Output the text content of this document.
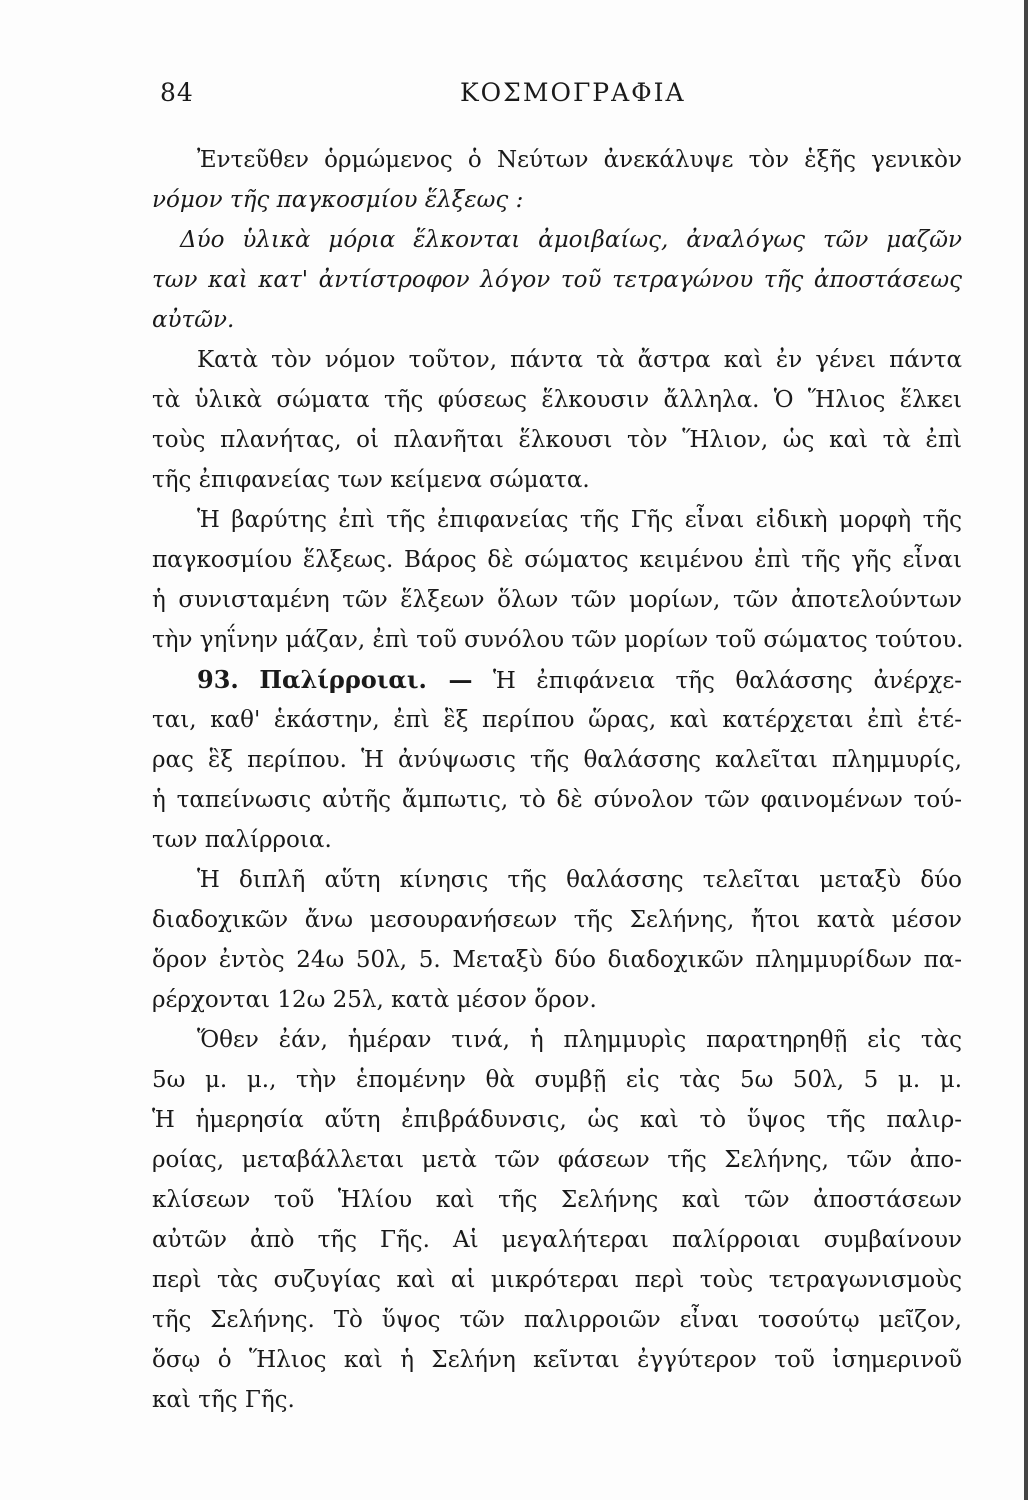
84	ΚΟΣΜΟΓΡΑΦΙΑ
Ἐντεῦθεν ὁρμώμενος ὁ Νεύτων ἀνεκάλυψε τὸν ἑξῆς γενικὸν
νόμον τῆς παγκοσμίου ἕλξεως :
Δύο ὑλικὰ μόρια ἕλκονται ἀμοιβαίως, ἀναλόγως τῶν μαζῶν
των καὶ κατ' ἀντίστροφον λόγον τοῦ τετραγώνου τῆς ἀποστάσεως
αὐτῶν.
Κατὰ τὸν νόμον τοῦτον, πάντα τὰ ἄστρα καὶ ἐν γένει πάντα
τὰ ὑλικὰ σώματα τῆς φύσεως ἕλκουσιν ἄλληλα. Ὁ Ἥλιος ἕλκει
τοὺς πλανήτας, οἱ πλανῆται ἕλκουσι τὸν Ἥλιον, ὡς καὶ τὰ ἐπὶ
τῆς ἐπιφανείας των κείμενα σώματα.
Ἡ βαρύτης ἐπὶ τῆς ἐπιφανείας τῆς Γῆς εἶναι εἰδικὴ μορφὴ τῆς
παγκοσμίου ἕλξεως. Βάρος δὲ σώματος κειμένου ἐπὶ τῆς γῆς εἶναι
ἡ συνισταμένη τῶν ἕλξεων ὅλων τῶν μορίων, τῶν ἀποτελούντων
τὴν γηΐνην μάζαν, ἐπὶ τοῦ συνόλου τῶν μορίων τοῦ σώματος τούτου.
93. Παλίρροιαι. — Ἡ ἐπιφάνεια τῆς θαλάσσης ἀνέρχε-
ται, καθ' ἑκάστην, ἐπὶ ἓξ περίπου ὥρας, καὶ κατέρχεται ἐπὶ ἑτέ-
ρας ἓξ περίπου. Ἡ ἀνύψωσις τῆς θαλάσσης καλεῖται πλημμυρίς,
ἡ ταπείνωσις αὐτῆς ἄμπωτις, τὸ δὲ σύνολον τῶν φαινομένων τού-
των παλίρροια.
Ἡ διπλῆ αὕτη κίνησις τῆς θαλάσσης τελεῖται μεταξὺ δύο
διαδοχικῶν ἄνω μεσουρανήσεων τῆς Σελήνης, ἤτοι κατὰ μέσον
ὅρον ἐντὸς 24ω 50λ, 5. Μεταξὺ δύο διαδοχικῶν πλημμυρίδων πα-
ρέρχονται 12ω 25λ, κατὰ μέσον ὅρον.
Ὅθεν ἐάν, ἡμέραν τινά, ἡ πλημμυρὶς παρατηρηθῇ εἰς τὰς
5ω μ. μ., τὴν ἑπομένην θὰ συμβῇ εἰς τὰς 5ω 50λ, 5 μ. μ.
Ἡ ἡμερησία αὕτη ἐπιβράδυνσις, ὡς καὶ τὸ ὕψος τῆς παλιρ-
ροίας, μεταβάλλεται μετὰ τῶν φάσεων τῆς Σελήνης, τῶν ἀπο-
κλίσεων τοῦ Ἡλίου καὶ τῆς Σελήνης καὶ τῶν ἀποστάσεων
αὐτῶν ἀπὸ τῆς Γῆς. Αἱ μεγαλήτεραι παλίρροιαι συμβαίνουν
περὶ τὰς συζυγίας καὶ αἱ μικρότεραι περὶ τοὺς τετραγωνισμοὺς
τῆς Σελήνης. Τὸ ὕψος τῶν παλιρροιῶν εἶναι τοσούτῳ μεῖζον,
ὅσῳ ὁ Ἥλιος καὶ ἡ Σελήνη κεῖνται ἐγγύτερον τοῦ ἰσημερινοῦ
καὶ τῆς Γῆς.
